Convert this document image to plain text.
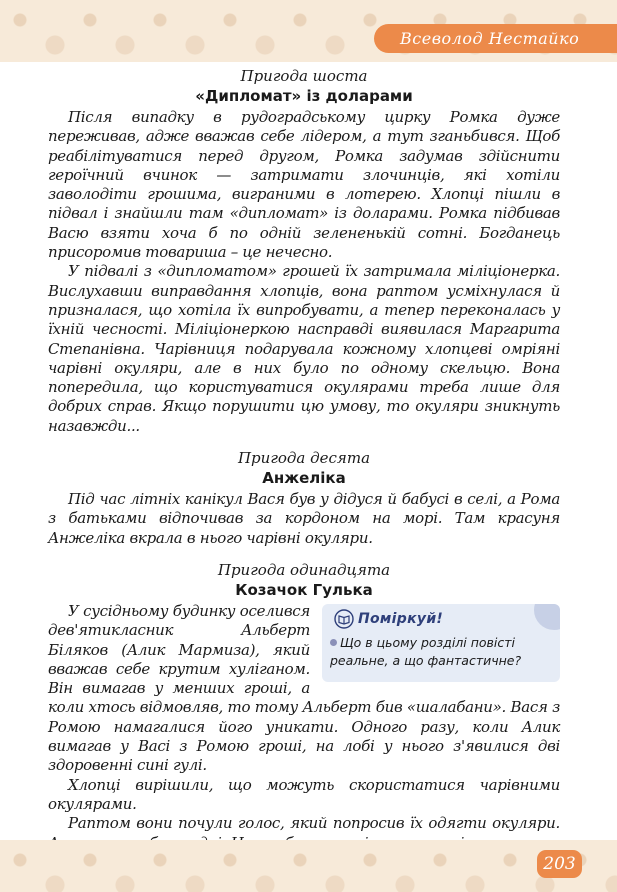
Всеволод Нестайко

Пригода шоста

«Дипломат» із доларами

Після випадку в рудоградському цирку Ромка дуже переживав, адже вважав себе лідером, а тут зганьбився. Щоб реабілітуватися перед другом, Ромка задумав здійснити героїчний вчинок — затримати злочинців, які хотіли заволодіти грошима, виграними в лотерею. Хлопці пішли в підвал і знайшли там «дипломат» із доларами. Ромка підбивав Васю взяти хоча б по одній зелененькій сотні. Богданець присоромив товариша – це нечесно.

У підвалі з «дипломатом» грошей їх затримала міліціонерка. Вислухавши виправдання хлопців, вона раптом усміхнулася й призналася, що хотіла їх випробувати, а тепер переконалась у їхній чесності. Міліціонеркою насправді виявилася Маргарита Степанівна. Чарівниця подарувала кожному хлопцеві омріяні чарівні окуляри, але в них було по одному скельцю. Вона попередила, що користуватися окулярами треба лише для добрих справ. Якщо порушити цю умову, то окуляри зникнуть назавжди...

Пригода десята

Анжеліка

Під час літніх канікул Вася був у дідуся й бабусі в селі, а Рома з батьками відпочивав за кордоном на морі. Там красуня Анжеліка вкрала в нього чарівні окуляри.

Пригода одинадцята

Козачок Гулька

Поміркуй!
Що в цьому розділі повісті реальне, а що фантастичне?

У сусідньому будинку оселився дев'ятикласник Альберт Біляков (Алик Мармиза), який вважав себе крутим хуліганом. Він вимагав у менших гроші, а коли хтось відмовляв, то тому Альберт бив «шалабани». Вася з Ромою намагалися його уникати. Одного разу, коли Алик вимагав у Васі з Ромою гроші, на лобі у нього з'явилися дві здоровенні сині гулі.

Хлопці вирішили, що можуть скористатися чарівними окулярами.

Раптом вони почули голос, який попросив їх одягти окуляри.

203
